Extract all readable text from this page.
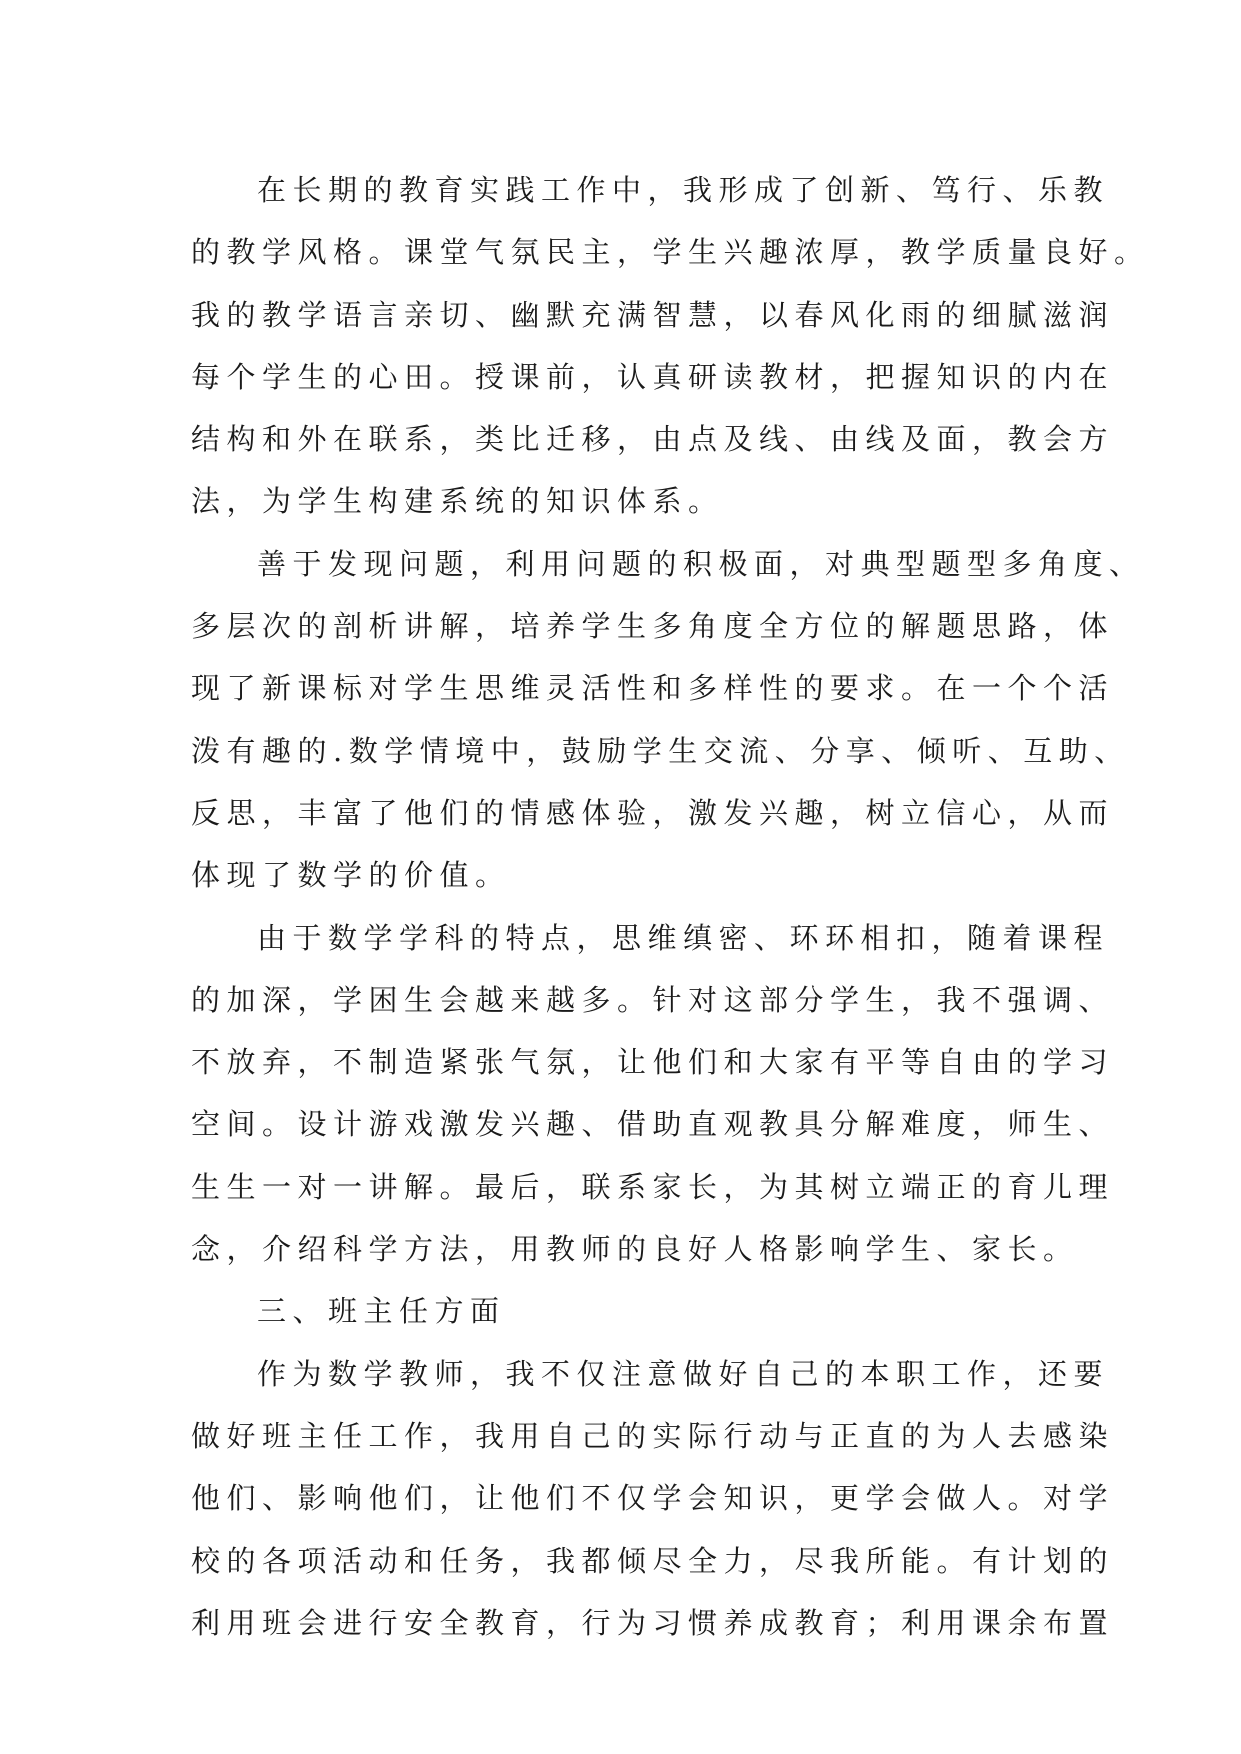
在长期的教育实践工作中，我形成了创新、笃行、乐教
的教学风格。课堂气氛民主，学生兴趣浓厚，教学质量良好。
我的教学语言亲切、幽默充满智慧，以春风化雨的细腻滋润
每个学生的心田。授课前，认真研读教材，把握知识的内在
结构和外在联系，类比迁移，由点及线、由线及面，教会方
法，为学生构建系统的知识体系。
善于发现问题，利用问题的积极面，对典型题型多角度、
多层次的剖析讲解，培养学生多角度全方位的解题思路，体
现了新课标对学生思维灵活性和多样性的要求。在一个个活
泼有趣的.数学情境中，鼓励学生交流、分享、倾听、互助、
反思，丰富了他们的情感体验，激发兴趣，树立信心，从而
体现了数学的价值。
由于数学学科的特点，思维缜密、环环相扣，随着课程
的加深，学困生会越来越多。针对这部分学生，我不强调、
不放弃，不制造紧张气氛，让他们和大家有平等自由的学习
空间。设计游戏激发兴趣、借助直观教具分解难度，师生、
生生一对一讲解。最后，联系家长，为其树立端正的育儿理
念，介绍科学方法，用教师的良好人格影响学生、家长。
三、班主任方面
作为数学教师，我不仅注意做好自己的本职工作，还要
做好班主任工作，我用自己的实际行动与正直的为人去感染
他们、影响他们，让他们不仅学会知识，更学会做人。对学
校的各项活动和任务，我都倾尽全力，尽我所能。有计划的
利用班会进行安全教育，行为习惯养成教育；利用课余布置
